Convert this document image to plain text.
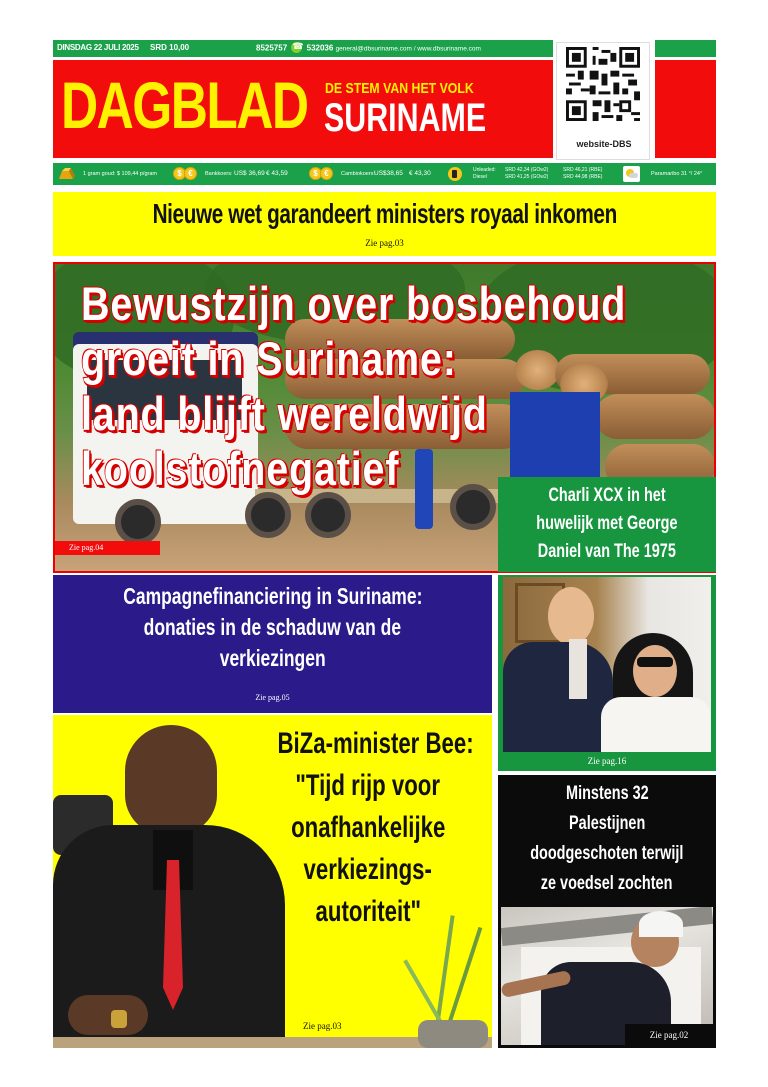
DINSDAG 22 JULI 2025 SRD 10,00	8525757 ☎ 532036 general@dbsuriname.com / www.dbsuriname.com
DAGBLAD DE STEM VAN HET VOLK
SURINAME
website-DBS
1 gram goud: $ 109,44 p/gram	$ €	Bankkoers: US$ 36,69 € 43,59	$ €	Cambiokoers: US$38,65 € 43,30	Unleaded:
Diesel
SRD 42,34 (GOw2)
SRD 41,25 (GOw2)
SRD 46,21 (RBE)
SRD 44,98 (RBE)	Paramaribo 31 °/ 24°
Nieuwe wet garandeert ministers royaal inkomen
Zie pag.03
Bewustzijn over bosbehoud
groeit in Suriname:
land blijft wereldwijd
koolstofnegatief
Zie pag.04
Charli XCX in het
huwelijk met George
Daniel van The 1975
Campagnefinanciering in Suriname:
donaties in de schaduw van de
verkiezingen
Zie pag.05
Zie pag.16
BiZa-minister Bee:
"Tijd rijp voor
onafhankelijke
verkiezings-
autoriteit"
Zie pag.03
Minstens 32
Palestijnen
doodgeschoten terwijl
ze voedsel zochten
Zie pag.02
